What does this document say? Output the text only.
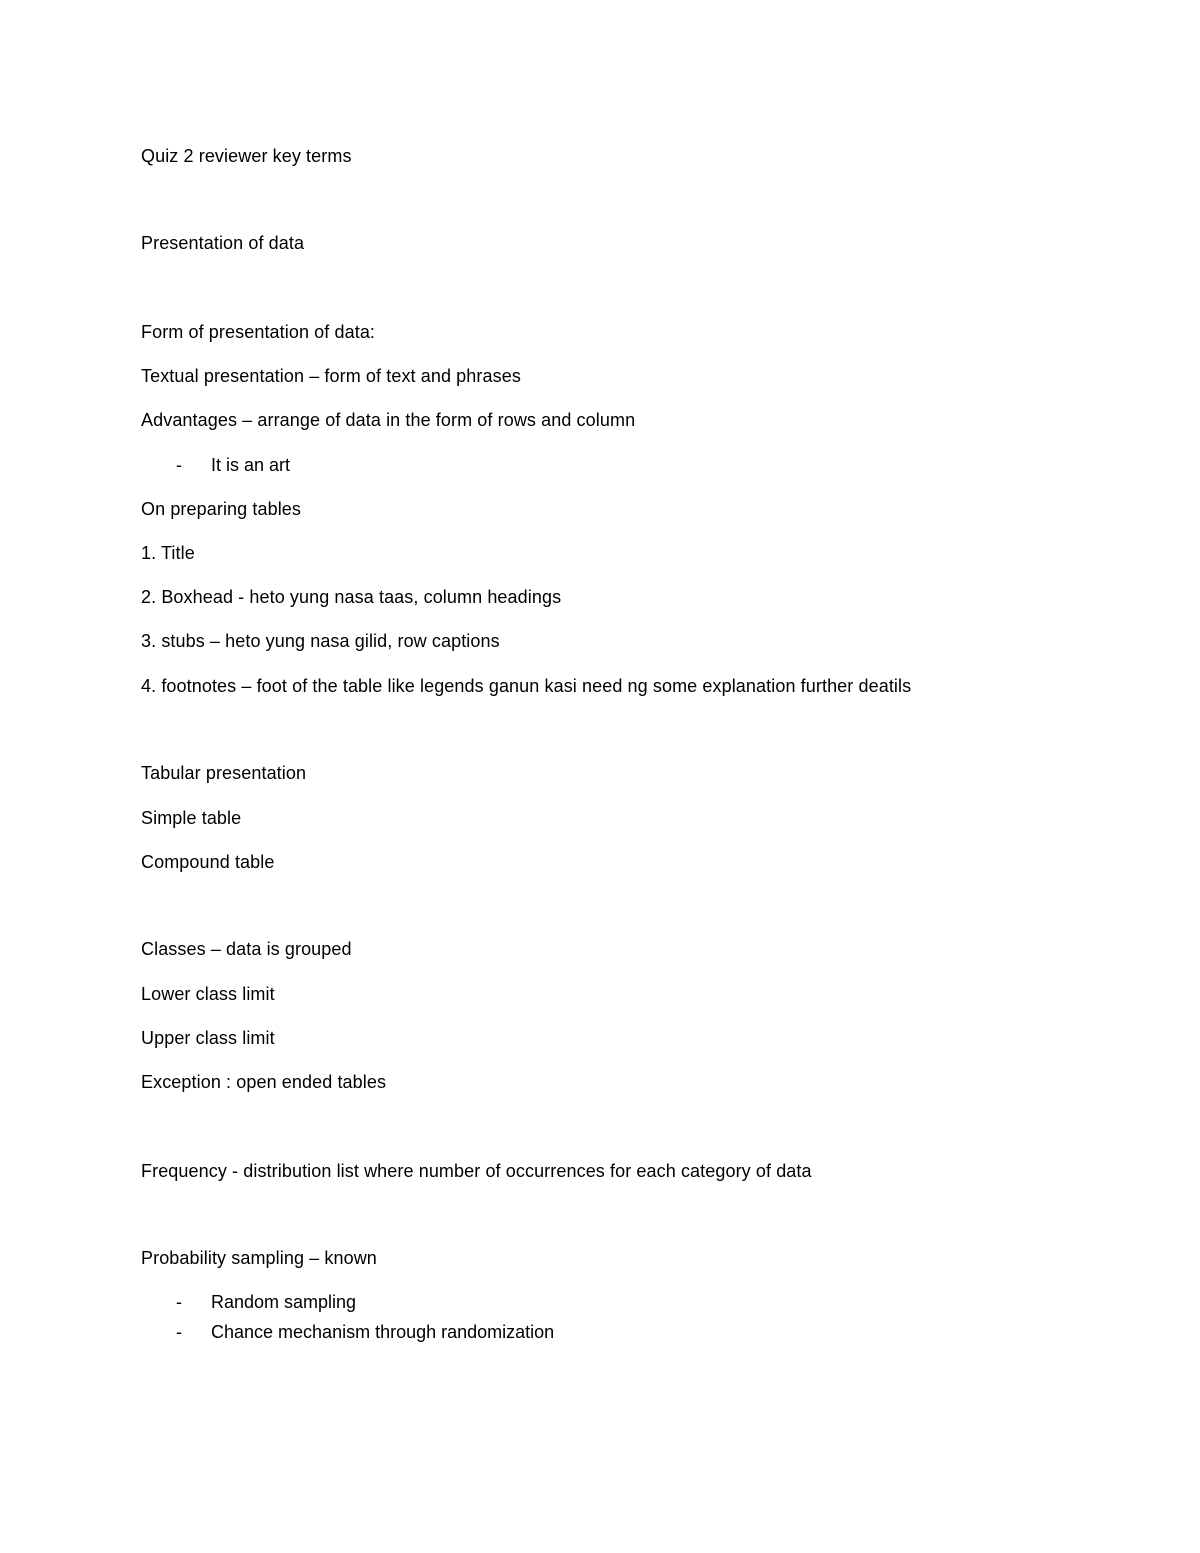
Quiz 2 reviewer key terms
Presentation of data
Form of presentation of data:
Textual presentation – form of text and phrases
Advantages – arrange of data in the form of rows and column
- It is an art
On preparing tables
1. Title
2. Boxhead - heto yung nasa taas, column headings
3. stubs – heto yung nasa gilid, row captions
4. footnotes – foot of the table like legends ganun kasi need ng some explanation further deatils
Tabular presentation
Simple table
Compound table
Classes – data is grouped
Lower class limit
Upper class limit
Exception : open ended tables
Frequency - distribution list where number of occurrences for each category of data
Probability sampling – known
- Random sampling
- Chance mechanism through randomization
